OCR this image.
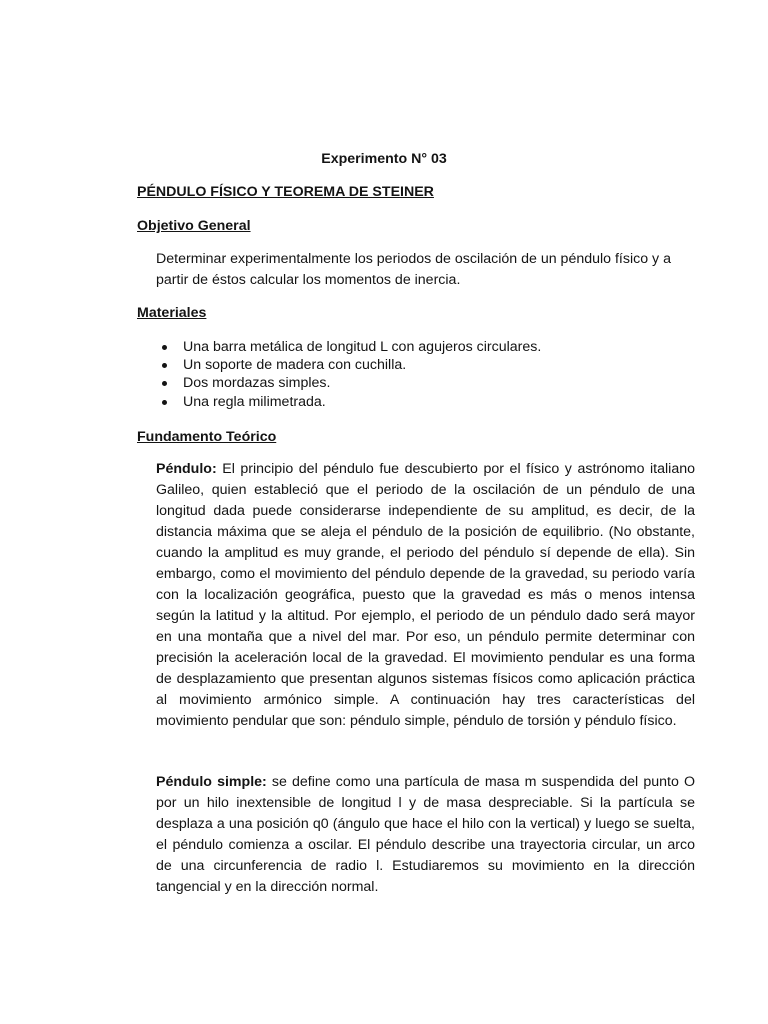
Experimento N° 03
PÉNDULO FÍSICO Y TEOREMA DE STEINER
Objetivo General

Determinar experimentalmente los periodos de oscilación de un péndulo físico y a partir de éstos calcular los momentos de inercia.

Materiales
Una barra metálica de longitud L con agujeros circulares.
Un soporte de madera con cuchilla.
Dos mordazas simples.
Una regla milimetrada.
Fundamento Teórico

Péndulo: El principio del péndulo fue descubierto por el físico y astrónomo italiano Galileo, quien estableció que el periodo de la oscilación de un péndulo de una longitud dada puede considerarse independiente de su amplitud, es decir, de la distancia máxima que se aleja el péndulo de la posición de equilibrio. (No obstante, cuando la amplitud es muy grande, el periodo del péndulo sí depende de ella). Sin embargo, como el movimiento del péndulo depende de la gravedad, su periodo varía con la localización geográfica, puesto que la gravedad es más o menos intensa según la latitud y la altitud. Por ejemplo, el periodo de un péndulo dado será mayor en una montaña que a nivel del mar. Por eso, un péndulo permite determinar con precisión la aceleración local de la gravedad. El movimiento pendular es una forma de desplazamiento que presentan algunos sistemas físicos como aplicación práctica al movimiento armónico simple. A continuación hay tres características del movimiento pendular que son: péndulo simple, péndulo de torsión y péndulo físico.

Péndulo simple: se define como una partícula de masa m suspendida del punto O por un hilo inextensible de longitud l y de masa despreciable. Si la partícula se desplaza a una posición q0 (ángulo que hace el hilo con la vertical) y luego se suelta, el péndulo comienza a oscilar. El péndulo describe una trayectoria circular, un arco de una circunferencia de radio l. Estudiaremos su movimiento en la dirección tangencial y en la dirección normal.
